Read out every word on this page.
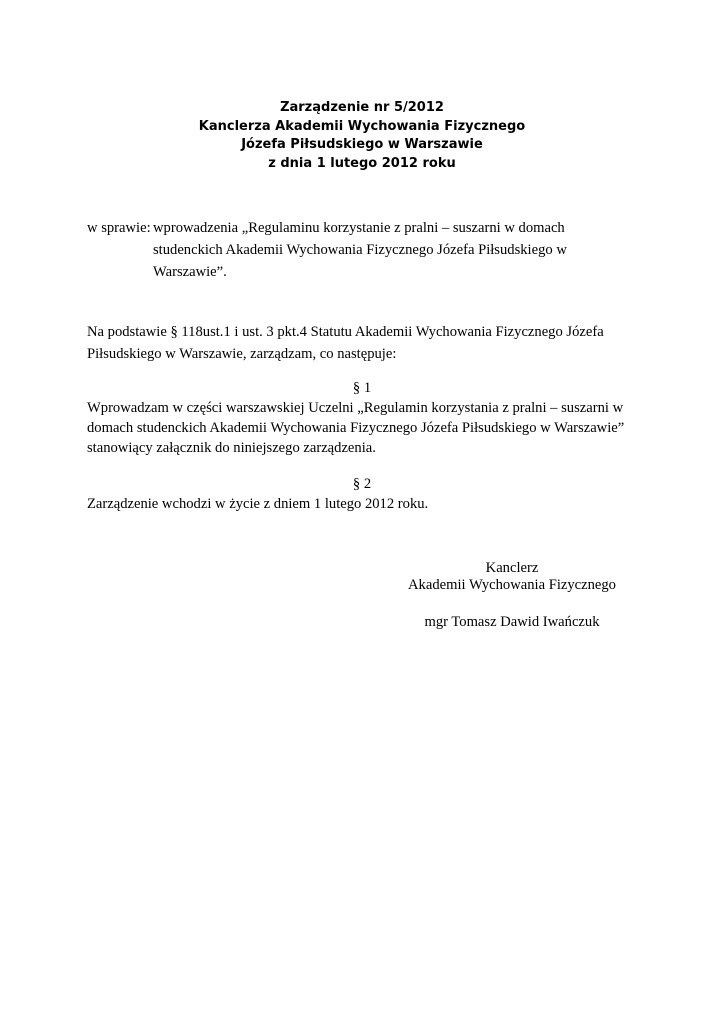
Zarządzenie nr 5/2012
Kanclerza Akademii Wychowania Fizycznego
Józefa Piłsudskiego w Warszawie
z dnia 1 lutego 2012 roku
w sprawie: wprowadzenia „Regulaminu korzystanie z pralni – suszarni w domach
studenckich Akademii Wychowania Fizycznego Józefa Piłsudskiego w
Warszawie”.
Na podstawie § 118ust.1 i ust. 3 pkt.4 Statutu Akademii Wychowania Fizycznego Józefa
Piłsudskiego w Warszawie, zarządzam, co następuje:
§ 1
Wprowadzam w części warszawskiej Uczelni „Regulamin korzystania z pralni – suszarni w
domach studenckich Akademii Wychowania Fizycznego Józefa Piłsudskiego w Warszawie”
stanowiący załącznik do niniejszego zarządzenia.
§ 2
Zarządzenie wchodzi w życie z dniem 1 lutego 2012 roku.
Kanclerz
Akademii Wychowania Fizycznego
mgr Tomasz Dawid Iwańczuk
